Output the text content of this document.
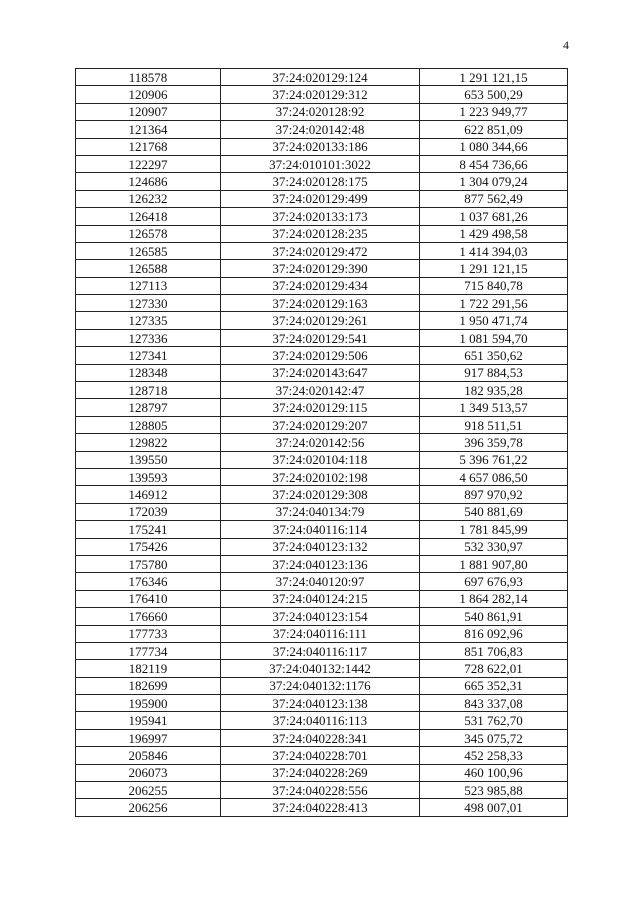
4
118578	37:24:020129:124	1 291 121,15
120906	37:24:020129:312	653 500,29
120907	37:24:020128:92	1 223 949,77
121364	37:24:020142:48	622 851,09
121768	37:24:020133:186	1 080 344,66
122297	37:24:010101:3022	8 454 736,66
124686	37:24:020128:175	1 304 079,24
126232	37:24:020129:499	877 562,49
126418	37:24:020133:173	1 037 681,26
126578	37:24:020128:235	1 429 498,58
126585	37:24:020129:472	1 414 394,03
126588	37:24:020129:390	1 291 121,15
127113	37:24:020129:434	715 840,78
127330	37:24:020129:163	1 722 291,56
127335	37:24:020129:261	1 950 471,74
127336	37:24:020129:541	1 081 594,70
127341	37:24:020129:506	651 350,62
128348	37:24:020143:647	917 884,53
128718	37:24:020142:47	182 935,28
128797	37:24:020129:115	1 349 513,57
128805	37:24:020129:207	918 511,51
129822	37:24:020142:56	396 359,78
139550	37:24:020104:118	5 396 761,22
139593	37:24:020102:198	4 657 086,50
146912	37:24:020129:308	897 970,92
172039	37:24:040134:79	540 881,69
175241	37:24:040116:114	1 781 845,99
175426	37:24:040123:132	532 330,97
175780	37:24:040123:136	1 881 907,80
176346	37:24:040120:97	697 676,93
176410	37:24:040124:215	1 864 282,14
176660	37:24:040123:154	540 861,91
177733	37:24:040116:111	816 092,96
177734	37:24:040116:117	851 706,83
182119	37:24:040132:1442	728 622,01
182699	37:24:040132:1176	665 352,31
195900	37:24:040123:138	843 337,08
195941	37:24:040116:113	531 762,70
196997	37:24:040228:341	345 075,72
205846	37:24:040228:701	452 258,33
206073	37:24:040228:269	460 100,96
206255	37:24:040228:556	523 985,88
206256	37:24:040228:413	498 007,01
